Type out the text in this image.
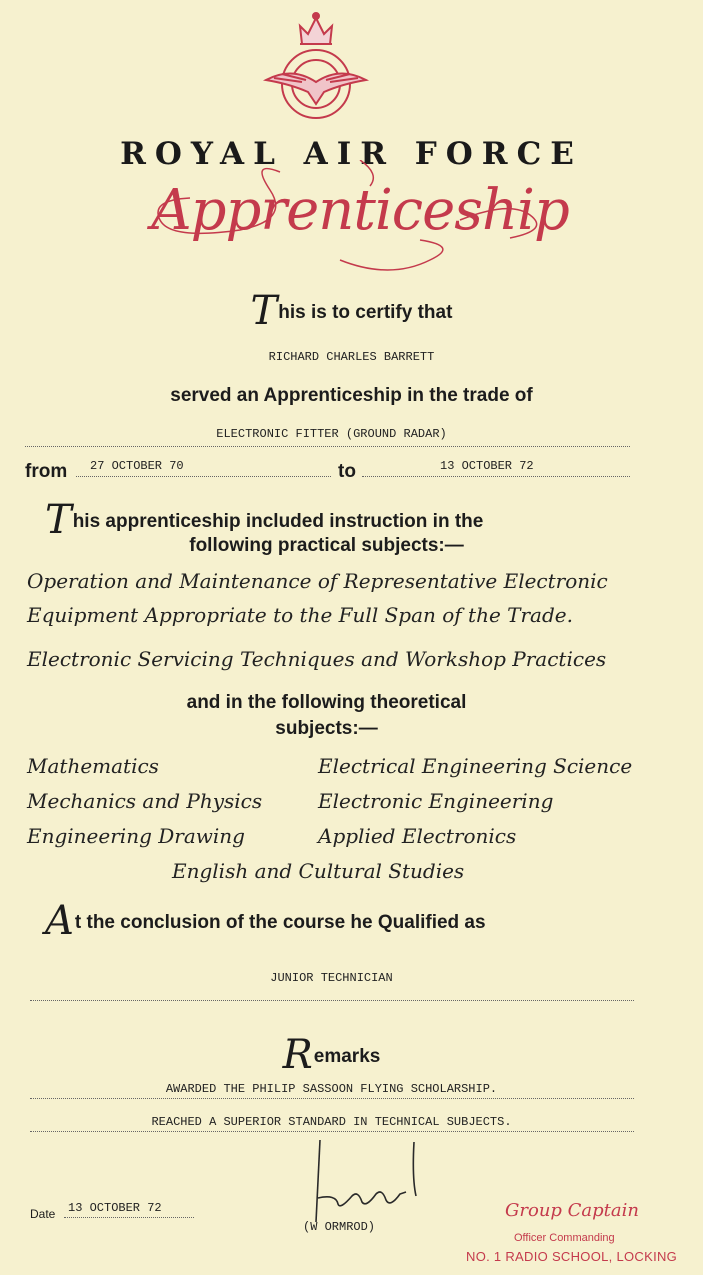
ROYAL AIR FORCE
Apprenticeship
This is to certify that
RICHARD CHARLES BARRETT
served an Apprenticeship in the trade of
ELECTRONIC FITTER (GROUND RADAR)
from 27 OCTOBER 70	to	13 OCTOBER 72
This apprenticeship included instruction in the
following practical subjects:—
Operation and Maintenance of Representative Electronic
Equipment Appropriate to the Full Span of the Trade.
Electronic Servicing Techniques and Workshop Practices
and in the following theoretical
subjects:—
Mathematics	Electrical Engineering Science
Mechanics and Physics	Electronic Engineering
Engineering Drawing	Applied Electronics
English and Cultural Studies
At the conclusion of the course he Qualified as
JUNIOR TECHNICIAN
Remarks
AWARDED THE PHILIP SASSOON FLYING SCHOLARSHIP.
REACHED A SUPERIOR STANDARD IN TECHNICAL SUBJECTS.
Date 13 OCTOBER 72
(W ORMROD)
Group Captain
Officer Commanding
NO. 1 RADIO SCHOOL, LOCKING
